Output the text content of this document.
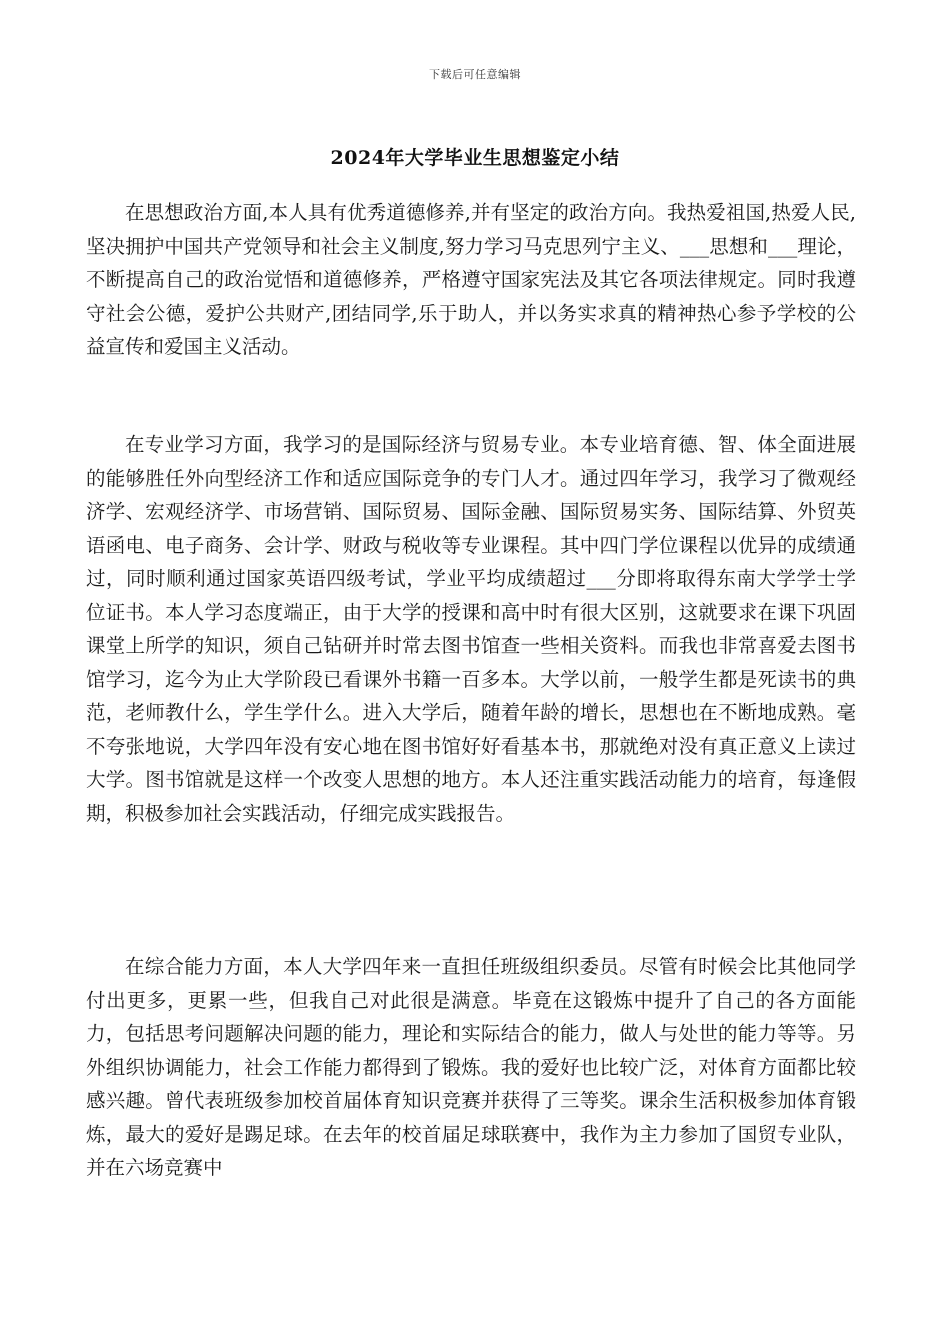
下载后可任意编辑
2024年大学毕业生思想鉴定小结

在思想政治方面,本人具有优秀道德修养,并有坚定的政治方向。我热爱祖国,热爱人民,坚决拥护中国共产党领导和社会主义制度,努力学习马克思列宁主义、___思想和___理论，不断提高自己的政治觉悟和道德修养，严格遵守国家宪法及其它各项法律规定。同时我遵守社会公德，爱护公共财产,团结同学,乐于助人，并以务实求真的精神热心参予学校的公益宣传和爱国主义活动。

在专业学习方面，我学习的是国际经济与贸易专业。本专业培育德、智、体全面进展的能够胜任外向型经济工作和适应国际竞争的专门人才。通过四年学习，我学习了微观经济学、宏观经济学、市场营销、国际贸易、国际金融、国际贸易实务、国际结算、外贸英语函电、电子商务、会计学、财政与税收等专业课程。其中四门学位课程以优异的成绩通过，同时顺利通过国家英语四级考试，学业平均成绩超过___分即将取得东南大学学士学位证书。本人学习态度端正，由于大学的授课和高中时有很大区别，这就要求在课下巩固课堂上所学的知识，须自己钻研并时常去图书馆查一些相关资料。而我也非常喜爱去图书馆学习，迄今为止大学阶段已看课外书籍一百多本。大学以前，一般学生都是死读书的典范，老师教什么，学生学什么。进入大学后，随着年龄的增长，思想也在不断地成熟。毫不夸张地说，大学四年没有安心地在图书馆好好看基本书，那就绝对没有真正意义上读过大学。图书馆就是这样一个改变人思想的地方。本人还注重实践活动能力的培育，每逢假期，积极参加社会实践活动，仔细完成实践报告。

在综合能力方面，本人大学四年来一直担任班级组织委员。尽管有时候会比其他同学付出更多，更累一些，但我自己对此很是满意。毕竟在这锻炼中提升了自己的各方面能力，包括思考问题解决问题的能力，理论和实际结合的能力，做人与处世的能力等等。另外组织协调能力，社会工作能力都得到了锻炼。我的爱好也比较广泛，对体育方面都比较感兴趣。曾代表班级参加校首届体育知识竞赛并获得了三等奖。课余生活积极参加体育锻炼，最大的爱好是踢足球。在去年的校首届足球联赛中，我作为主力参加了国贸专业队，并在六场竞赛中
